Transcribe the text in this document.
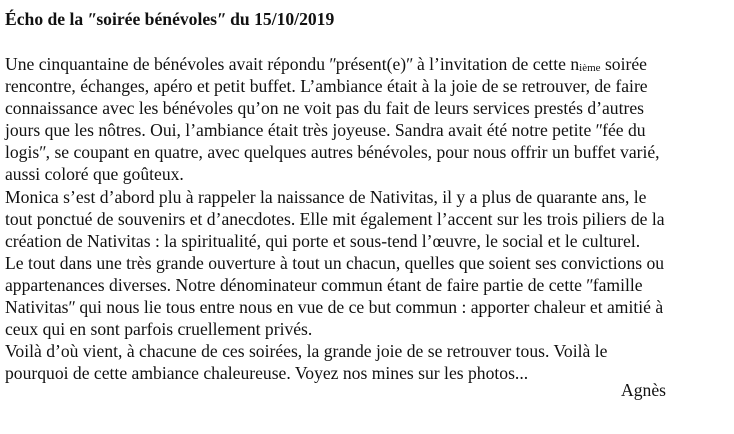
Écho de la ʺsoirée bénévolesʺ du 15/10/2019
Une cinquantaine de bénévoles avait répondu ʺprésent(e)ʺ à l’invitation de cette nième soirée
rencontre, échanges, apéro et petit buffet. L’ambiance était à la joie de se retrouver, de faire
connaissance avec les bénévoles qu’on ne voit pas du fait de leurs services prestés d’autres
jours que les nôtres. Oui, l’ambiance était très joyeuse. Sandra avait été notre petite ʺfée du
logisʺ, se coupant en quatre, avec quelques autres bénévoles, pour nous offrir un buffet varié,
aussi coloré que goûteux.
Monica s’est d’abord plu à rappeler la naissance de Nativitas, il y a plus de quarante ans, le
tout ponctué de souvenirs et d’anecdotes. Elle mit également l’accent sur les trois piliers de la
création de Nativitas : la spiritualité, qui porte et sous-tend l’œuvre, le social et le culturel.
Le tout dans une très grande ouverture à tout un chacun, quelles que soient ses convictions ou
appartenances diverses. Notre dénominateur commun étant de faire partie de cette ʺfamille
Nativitasʺ qui nous lie tous entre nous en vue de ce but commun : apporter chaleur et amitié à
ceux qui en sont parfois cruellement privés.
Voilà d’où vient, à chacune de ces soirées, la grande joie de se retrouver tous. Voilà le
pourquoi de cette ambiance chaleureuse. Voyez nos mines sur les photos...
Agnès
